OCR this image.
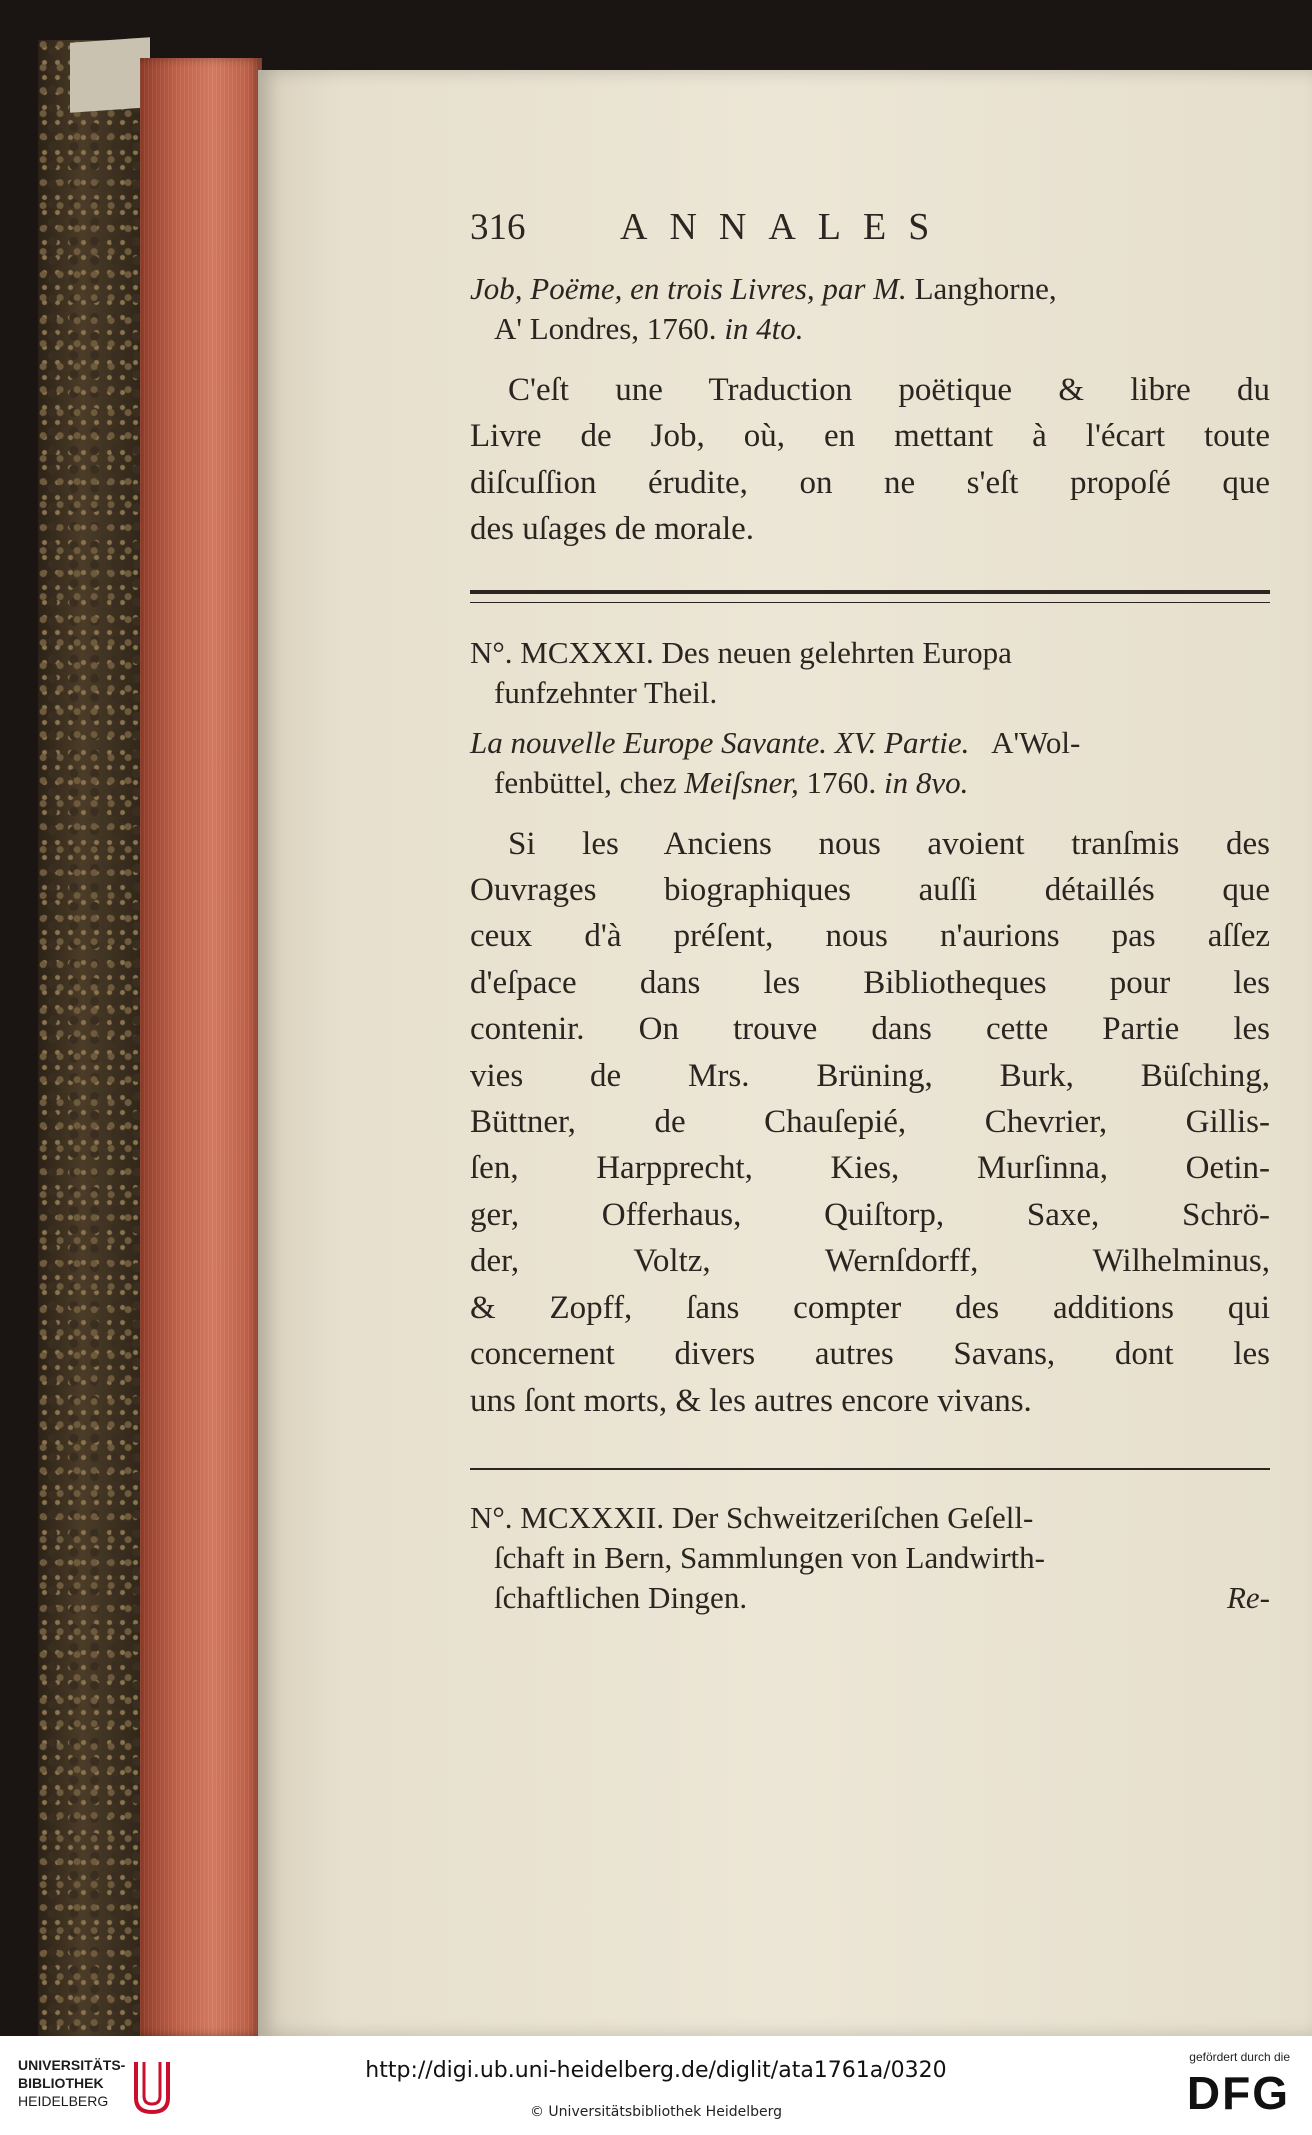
316	ANNALES
Job, Poëme, en trois Livres, par M. Langhorne,
A' Londres, 1760. in 4to.
C'eſt une Traduction poëtique & libre du
Livre de Job, où, en mettant à l'écart toute
diſcuſſion érudite, on ne s'eſt propoſé que
des uſages de morale.
N°. MCXXXI. Des neuen gelehrten Europa
funfzehnter Theil.
La nouvelle Europe Savante. XV. Partie. A'Wol-
fenbüttel, chez Meiſsner, 1760. in 8vo.
Si les Anciens nous avoient tranſmis des
Ouvrages biographiques auſſi détaillés que
ceux d'à préſent, nous n'aurions pas aſſez
d'eſpace dans les Bibliotheques pour les
contenir. On trouve dans cette Partie les
vies de Mrs. Brüning, Burk, Büſching,
Büttner, de Chauſepié, Chevrier, Gillis-
ſen, Harpprecht, Kies, Murſinna, Oetin-
ger, Offerhaus, Quiſtorp, Saxe, Schrö-
der, Voltz, Wernſdorff, Wilhelminus,
& Zopff, ſans compter des additions qui
concernent divers autres Savans, dont les
uns ſont morts, & les autres encore vivans.
N°. MCXXXII. Der Schweitzeriſchen Geſell-
ſchaft in Bern, Sammlungen von Landwirth-
ſchaftlichen Dingen.	Re-
UNIVERSITÄTS-
BIBLIOTHEK
HEIDELBERG
http://digi.ub.uni-heidelberg.de/diglit/ata1761a/0320
© Universitätsbibliothek Heidelberg
gefördert durch die
DFG
